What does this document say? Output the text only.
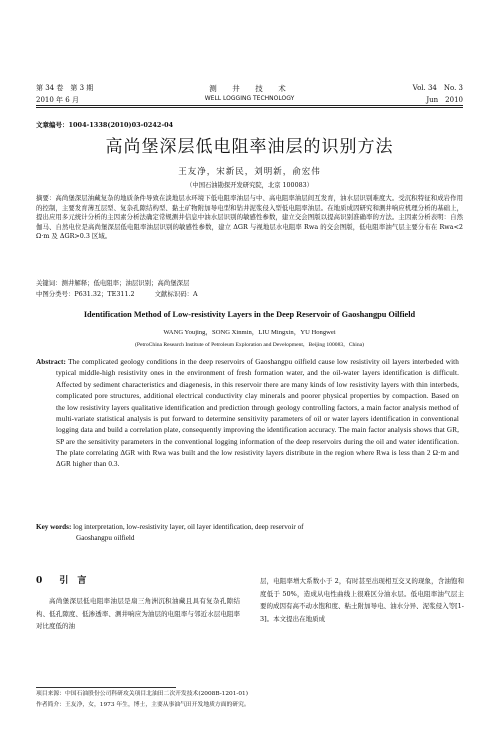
第 34 卷　第 3 期
2010 年 6 月
测　井　技　术
WELL LOGGING TECHNOLOGY
Vol. 34　No. 3
Jun　2010
文章编号：1004-1338(2010)03-0242-04
高尚堡深层低电阻率油层的识别方法
王友净，宋新民，刘明新，俞宏伟
（中国石油勘探开发研究院，北京 100083）
摘要：高尚堡深层油藏复杂的地质条件导致在淡地层水环境下低电阻率油层与中、高电阻率油层间互发育，油水层识别难度大。受沉积特征和成岩作用的控制，主要发育薄互层型、复杂孔隙结构型、黏土矿物附加导电型和钻井泥浆侵入型低电阻率油层。在地质成因研究和测井响应机理分析的基础上，提出应用多元统计分析的主因素分析法确定常规测井信息中油水层识别的敏感性参数，建立交会图版以提高识别准确率的方法。主因素分析表明：自然伽马、自然电位是高尚堡深层低电阻率油层识别的敏感性参数，建立 ΔGR 与视地层水电阻率 Rwa 的交会图版，低电阻率油气层主要分布在 Rwa<2 Ω·m 及 ΔGR>0.3 区域。
关键词：测井解释；低电阻率；油层识别；高尚堡深层
中图分类号：P631.32；TE311.2	文献标识码：A
Identification Method of Low-resistivity Layers in the Deep Reservoir of Gaoshangpu Oilfield
WANG Youjing，SONG Xinmin，LIU Mingxin，YU Hongwei
(PetroChina Research Institute of Petroleum Exploration and Development，Beijing 100083，China)
Abstract: The complicated geology conditions in the deep reservoirs of Gaoshangpu oilfield cause low resistivity oil layers interbeded with typical middle-high resistivity ones in the environment of fresh formation water, and the oil-water layers identification is difficult. Affected by sediment characteristics and diagenesis, in this reservoir there are many kinds of low resistivity layers with thin interbeds, complicated pore structures, additional electrical conductivity clay minerals and poorer physical properties by compaction. Based on the low resistivity layers qualitative identification and prediction through geology controlling factors, a main factor analysis method of multi-variate statistical analysis is put forward to determine sensitivity parameters of oil or water layers identification in conventional logging data and build a correlation plate, consequently improving the identification accuracy. The main factor analysis shows that GR, SP are the sensitivity parameters in the conventional logging information of the deep reservoirs during the oil and water identification. The plate correlating ΔGR with Rwa was built and the low resistivity layers distribute in the region where Rwa is less than 2 Ω·m and ΔGR higher than 0.3.
Key words: log interpretation, low-resistivity layer, oil layer identification, deep reservoir of
Gaoshangpu oilfield
0 引　言
高尚堡深层低电阻率油层是扇三角洲沉积油藏且具有复杂孔隙结构、低孔隙度、低渗透率、测井响应为油层的电阻率与邻近水层电阻率对比度低的油
层，电阻率增大系数小于 2，有时甚至出现相互交叉的现象，含油饱和度低于 50%，造成从电性曲线上很难区分油水层。低电阻率油气层主要的成因有高不动水饱和度、粘土附加导电、油水分异、泥浆侵入等[1-3]。本文提出在地质成
项目来源：中国石油股份公司科研攻关项目北油田二次开发技术(2008B-1201-01)
作者简介：王友净，女，1973 年生，博士，主要从事油气田开发地质方面的研究。
